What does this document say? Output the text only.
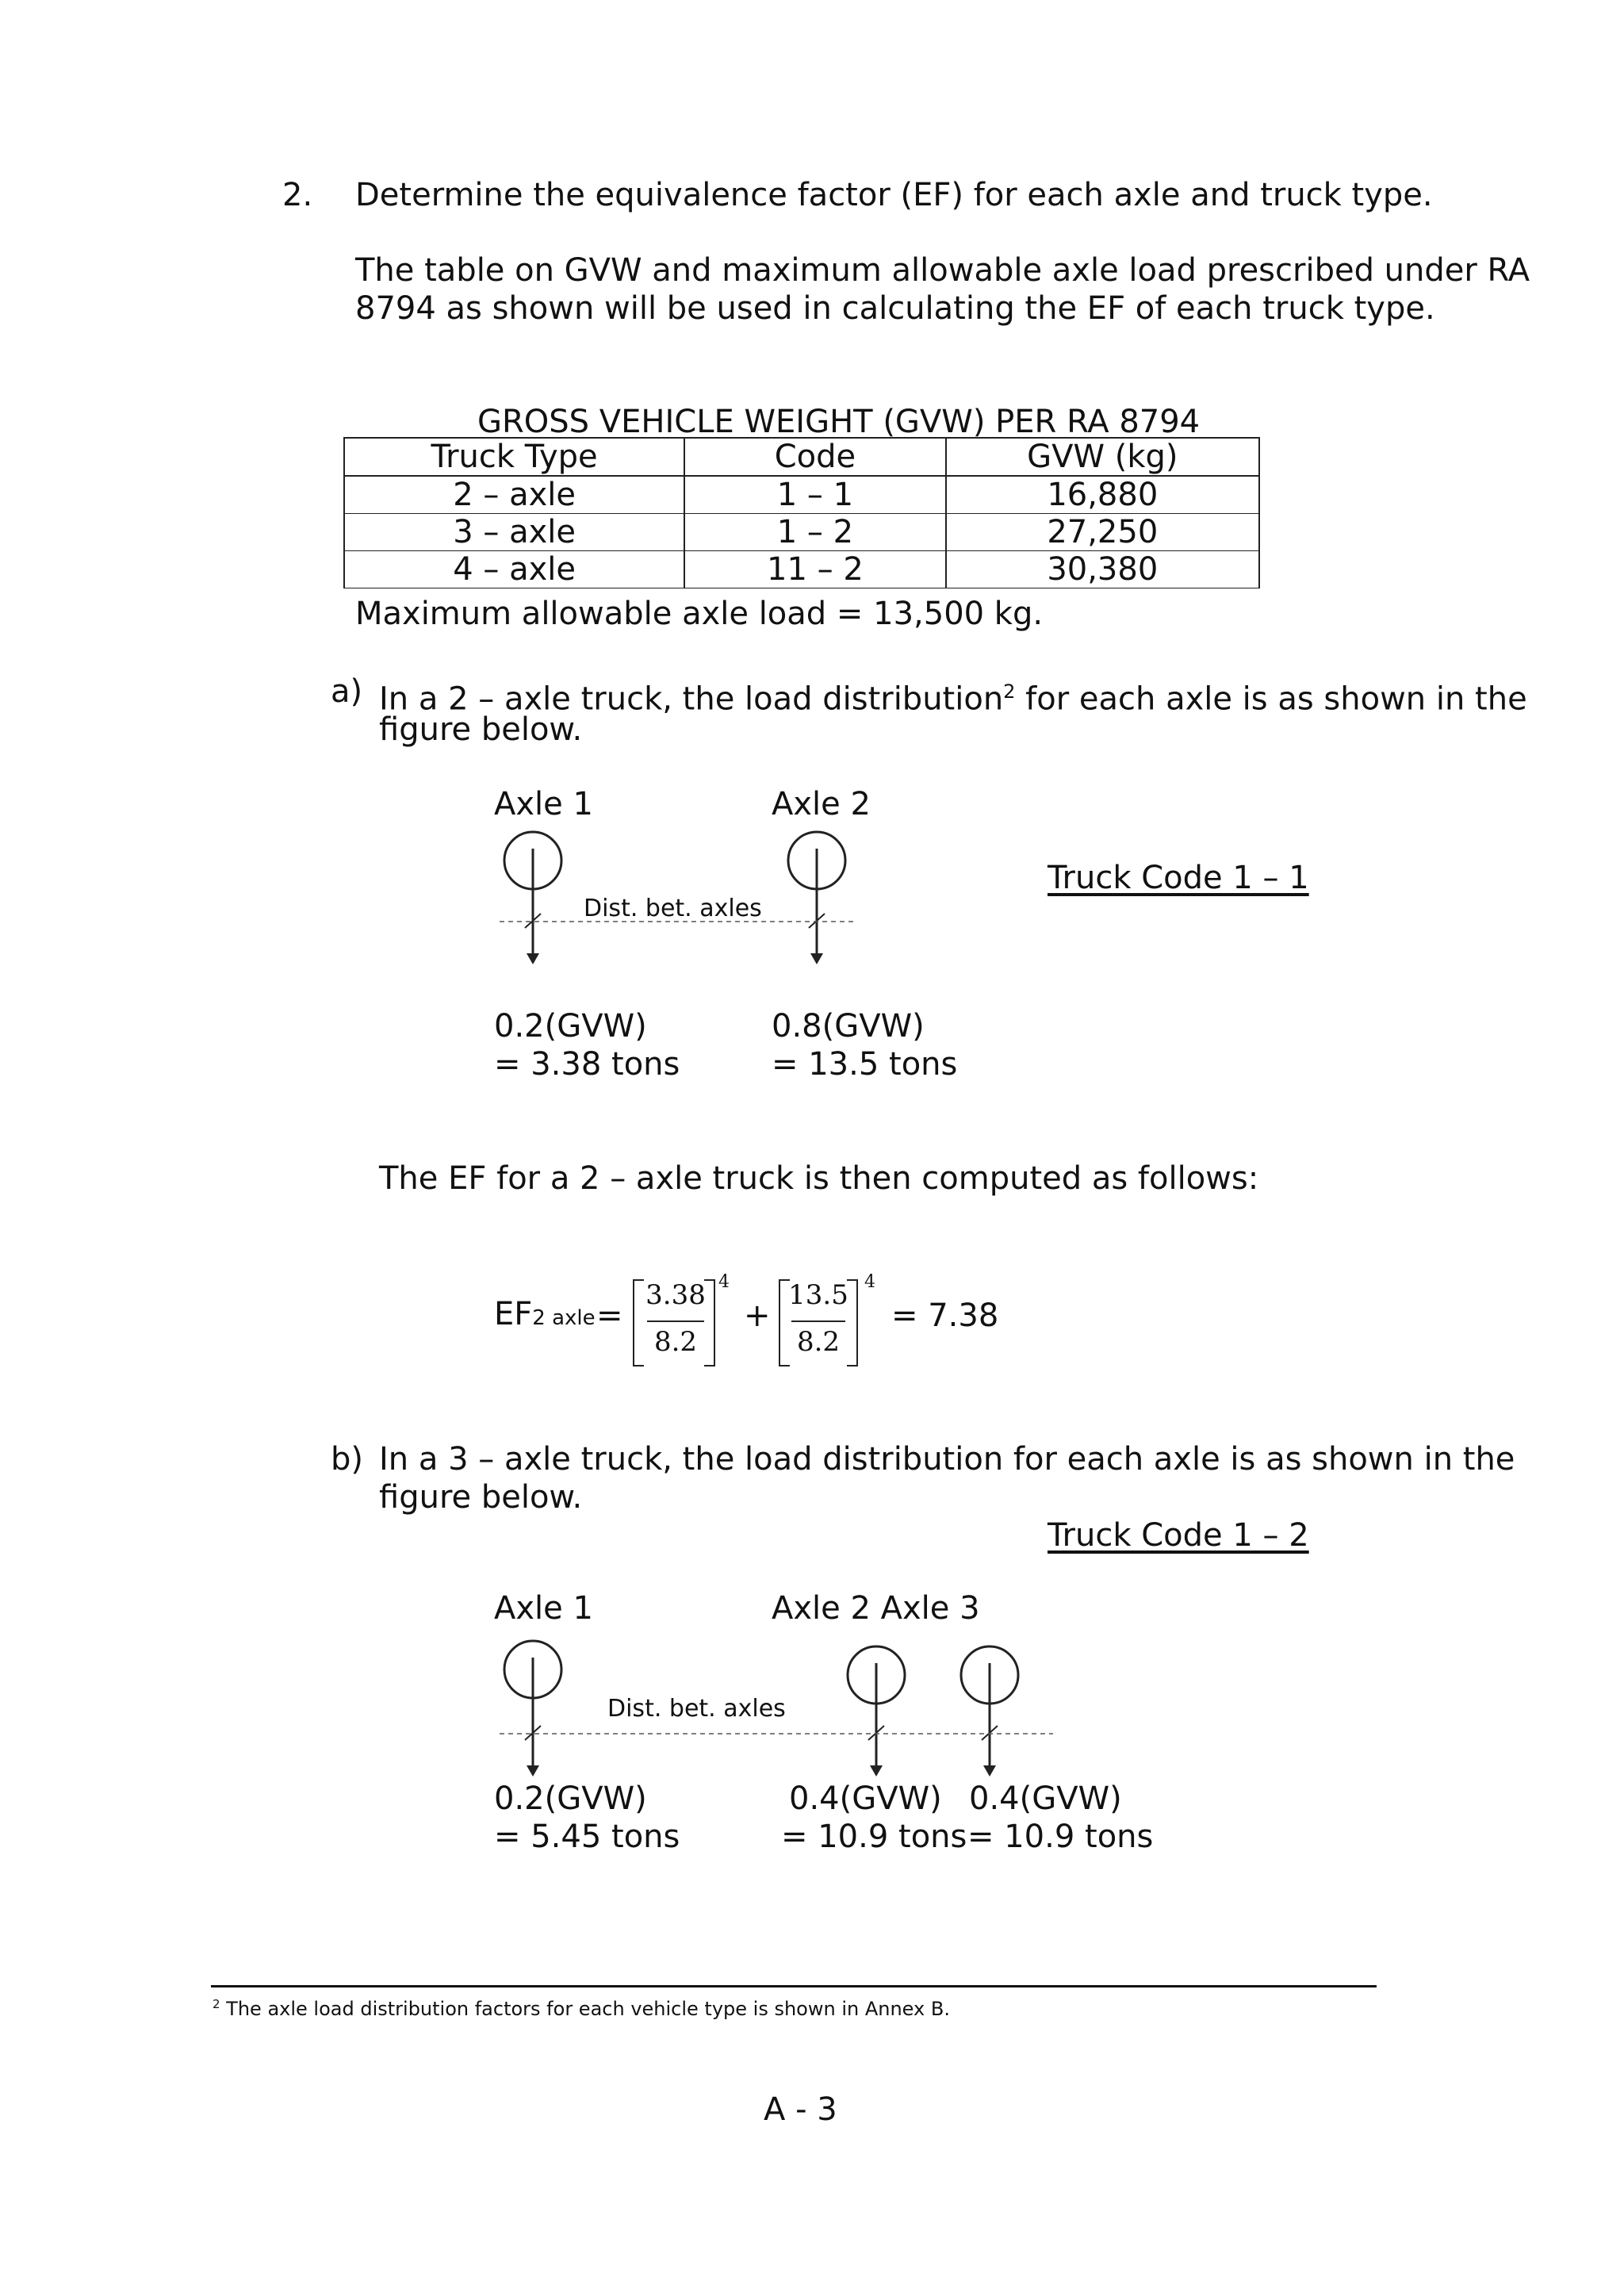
2. Determine the equivalence factor (EF) for each axle and truck type.
The table on GVW and maximum allowable axle load prescribed under RA
8794 as shown will be used in calculating the EF of each truck type.
GROSS VEHICLE WEIGHT (GVW) PER RA 8794
Truck Type	Code	GVW (kg)
2 – axle	1 – 1	16,880
3 – axle	1 – 2	27,250
4 – axle	11 – 2	30,380
Maximum allowable axle load = 13,500 kg.
a) In a 2 – axle truck, the load distribution$^2$ for each axle is as shown in the
figure below.
Axle 1	Axle 2
Truck Code 1 – 1
Dist. bet. axles
0.2(GVW)
= 3.38 tons
0.8(GVW)
= 13.5 tons
The EF for a 2 – axle truck is then computed as follows:
EF2 axle =
3.38
8.2
4
+
13.5
8.2
4
= 7.38
b) In a 3 – axle truck, the load distribution for each axle is as shown in the
figure below.
Truck Code 1 – 2
Axle 1	Axle 2 Axle 3
Dist. bet. axles
0.2(GVW)
= 5.45 tons
0.4(GVW)
= 10.9 tons
0.4(GVW)
= 10.9 tons
$^2$ The axle load distribution factors for each vehicle type is shown in Annex B.
A - 3
